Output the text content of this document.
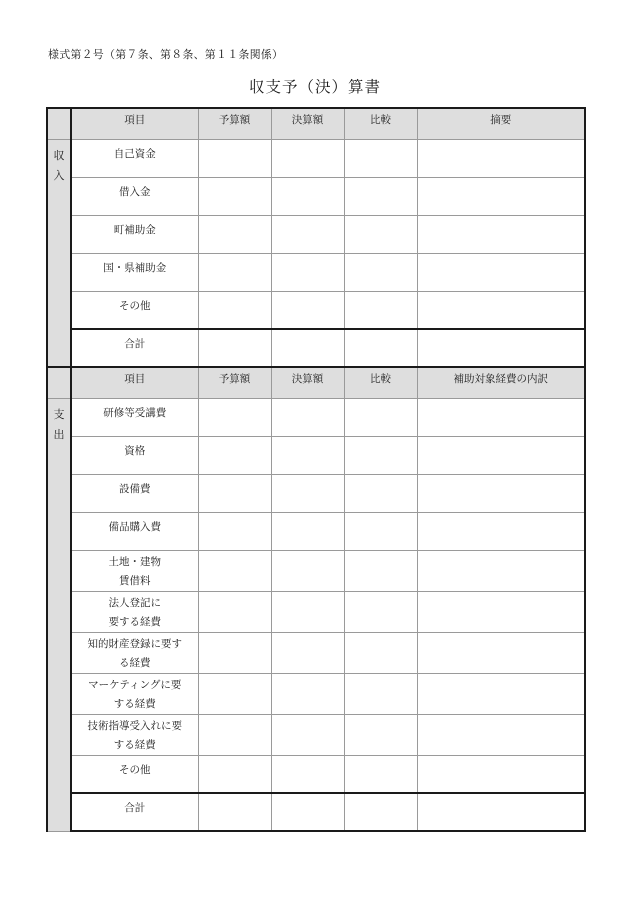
様式第２号（第７条、第８条、第１１条関係）
収支予（決）算書
	項目	予算額	決算額	比較	摘要

収入	自己資金				
	借入金				
	町補助金				
	国・県補助金				
	その他				
	合計				
	項目	予算額	決算額	比較	補助対象経費の内訳

支出	研修等受講費				
	資格				
	設備費				
	備品購入費				
	土地・建物
賃借料				
	法人登記に
要する経費				
	知的財産登録に要す
る経費				
	マーケティングに要
する経費				
	技術指導受入れに要
する経費				
	その他				
	合計				
